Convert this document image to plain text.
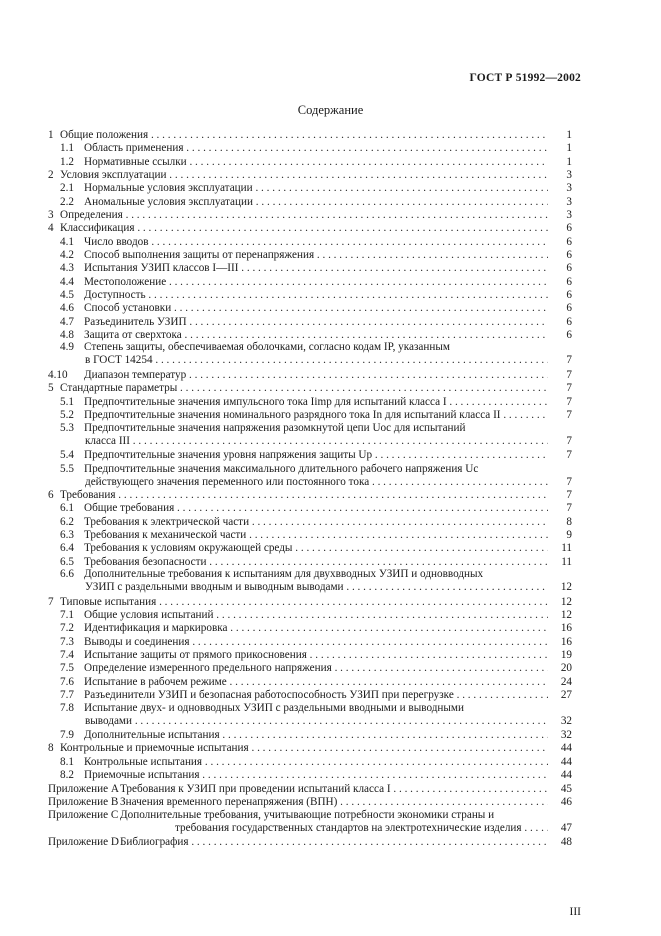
ГОСТ Р 51992—2002
Содержание
1 Общие положения . . .	1
1.1 Область применения . . .	1
1.2 Нормативные ссылки . . .	1
2 Условия эксплуатации . . .	3
2.1 Нормальные условия эксплуатации . . .	3
2.2 Аномальные условия эксплуатации . . .	3
3 Определения . . .	3
4 Классификация . . .	6
4.1 Число вводов . . .	6
4.2 Способ выполнения защиты от перенапряжения . . .	6
4.3 Испытания УЗИП классов I—III . . .	6
4.4 Местоположение . . .	6
4.5 Доступность . . .	6
4.6 Способ установки . . .	6
4.7 Разъединитель УЗИП . . .	6
4.8 Защита от сверхтока . . .	6
4.9 Степень защиты, обеспечиваемая оболочками, согласно кодам IP, указанным
в ГОСТ 14254 . . .	7
4.10 Диапазон температур . . .	7
5 Стандартные параметры . . .	7
5.1 Предпочтительные значения импульсного тока Iimp для испытаний класса I . . .	7
5.2 Предпочтительные значения номинального разрядного тока In для испытаний класса II . . .	7
5.3 Предпочтительные значения напряжения разомкнутой цепи Uoc для испытаний
класса III . . .	7
5.4 Предпочтительные значения уровня напряжения защиты Up . . .	7
5.5 Предпочтительные значения максимального длительного рабочего напряжения Uc
действующего значения переменного или постоянного тока . . .	7
6 Требования . . .	7
6.1 Общие требования . . .	7
6.2 Требования к электрической части . . .	8
6.3 Требования к механической части . . .	9
6.4 Требования к условиям окружающей среды . . .	11
6.5 Требования безопасности . . .	11
6.6 Дополнительные требования к испытаниям для двухвводных УЗИП и одновводных
УЗИП с раздельными вводным и выводным выводами . . .	12
7 Типовые испытания . . .	12
7.1 Общие условия испытаний . . .	12
7.2 Идентификация и маркировка . . .	16
7.3 Выводы и соединения . . .	16
7.4 Испытание защиты от прямого прикосновения . . .	19
7.5 Определение измеренного предельного напряжения . . .	20
7.6 Испытание в рабочем режиме . . .	24
7.7 Разъединители УЗИП и безопасная работоспособность УЗИП при перегрузке . . .	27
7.8 Испытание двух- и одновводных УЗИП с раздельными вводными и выводными
выводами . . .	32
7.9 Дополнительные испытания . . .	32
8 Контрольные и приемочные испытания . . .	44
8.1 Контрольные испытания . . .	44
8.2 Приемочные испытания . . .	44
Приложение A Требования к УЗИП при проведении испытаний класса I . . .	45
Приложение B Значения временного перенапряжения (ВПН) . . .	46
Приложение C Дополнительные требования, учитывающие потребности экономики страны и
требования государственных стандартов на электротехнические изделия . . .	47
Приложение D Библиография . . .	48
III
